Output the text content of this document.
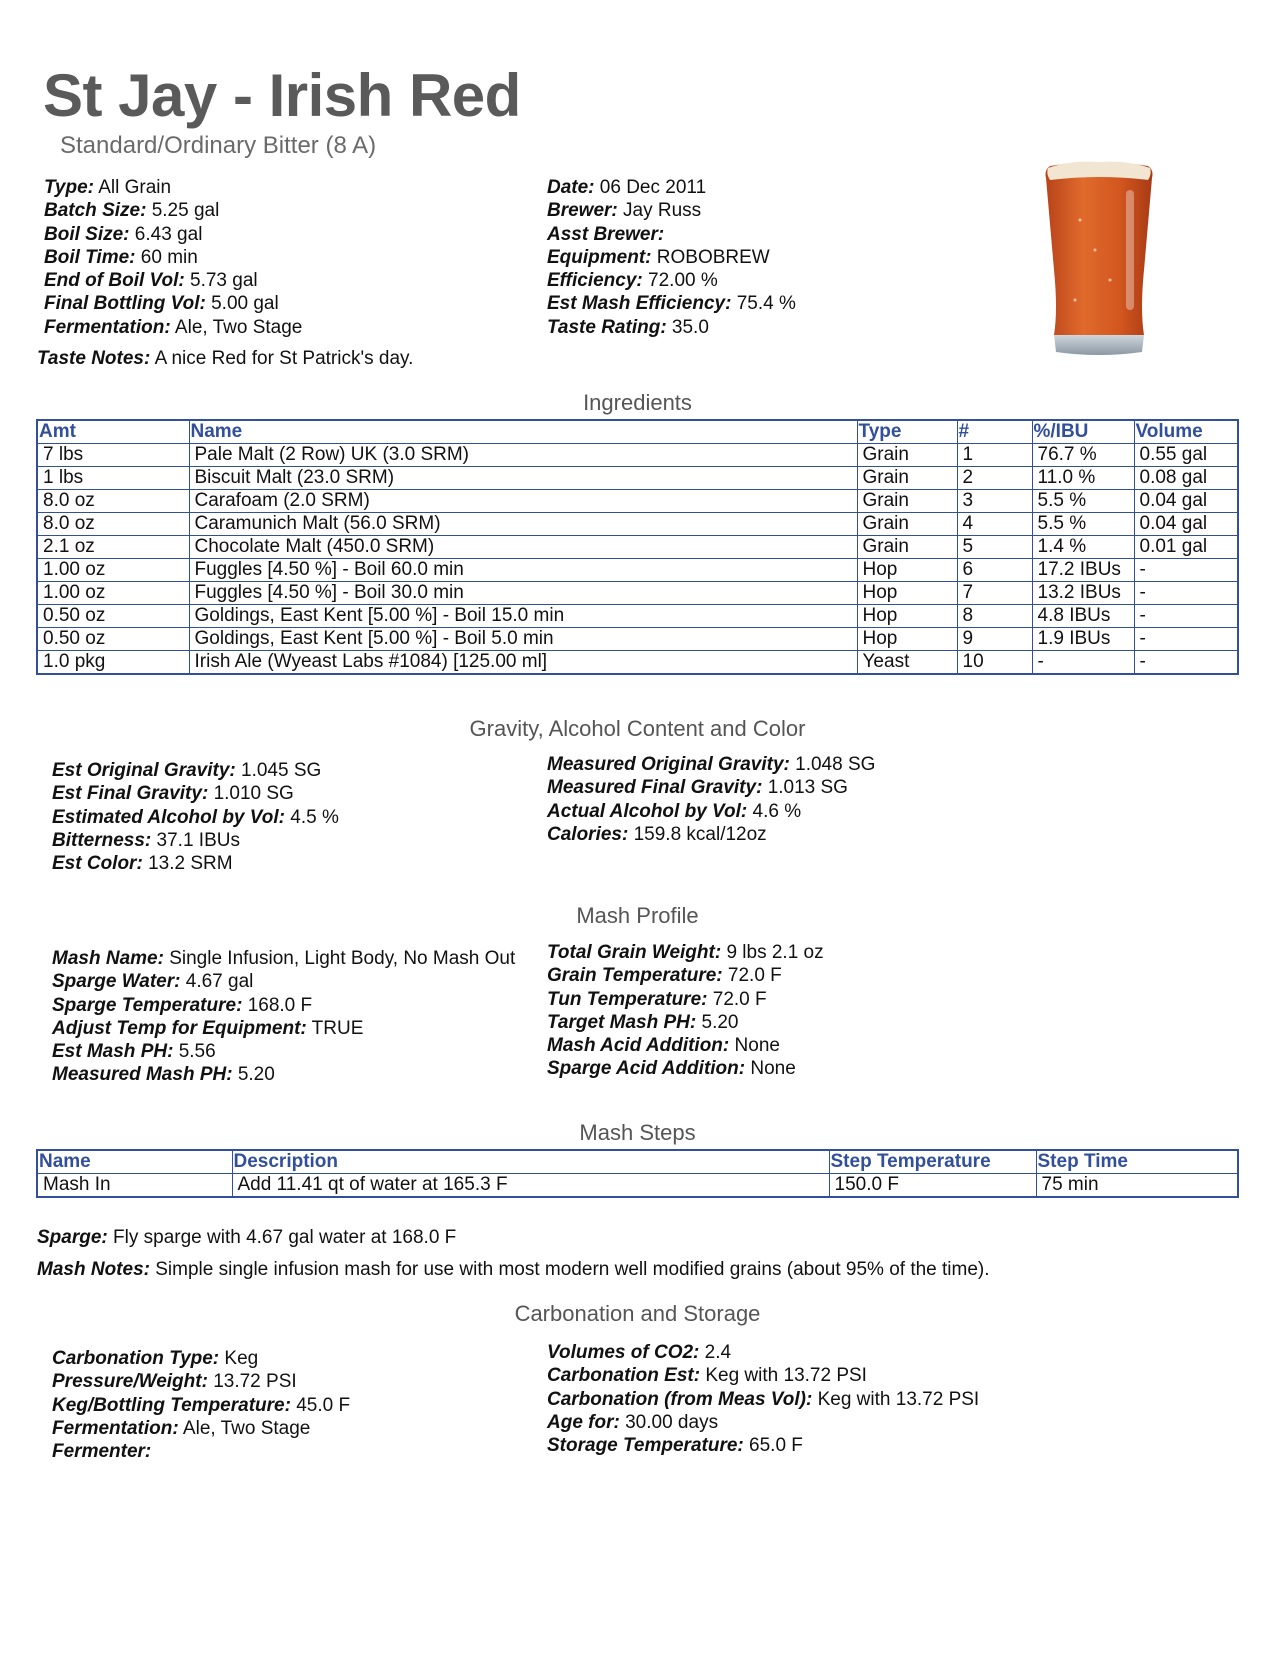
St Jay - Irish Red
Standard/Ordinary Bitter (8 A)
Type: All Grain
Batch Size: 5.25 gal
Boil Size: 6.43 gal
Boil Time: 60 min
End of Boil Vol: 5.73 gal
Final Bottling Vol: 5.00 gal
Fermentation: Ale, Two Stage
Date: 06 Dec 2011
Brewer: Jay Russ
Asst Brewer:
Equipment: ROBOBREW
Efficiency: 72.00 %
Est Mash Efficiency: 75.4 %
Taste Rating: 35.0
Taste Notes: A nice Red for St Patrick's day.
Ingredients
Amt	Name	Type	#	%/IBU	Volume
7 lbs	Pale Malt (2 Row) UK (3.0 SRM)	Grain	1	76.7 %	0.55 gal
1 lbs	Biscuit Malt (23.0 SRM)	Grain	2	11.0 %	0.08 gal
8.0 oz	Carafoam (2.0 SRM)	Grain	3	5.5 %	0.04 gal
8.0 oz	Caramunich Malt (56.0 SRM)	Grain	4	5.5 %	0.04 gal
2.1 oz	Chocolate Malt (450.0 SRM)	Grain	5	1.4 %	0.01 gal
1.00 oz	Fuggles [4.50 %] - Boil 60.0 min	Hop	6	17.2 IBUs	-
1.00 oz	Fuggles [4.50 %] - Boil 30.0 min	Hop	7	13.2 IBUs	-
0.50 oz	Goldings, East Kent [5.00 %] - Boil 15.0 min	Hop	8	4.8 IBUs	-
0.50 oz	Goldings, East Kent [5.00 %] - Boil 5.0 min	Hop	9	1.9 IBUs	-
1.0 pkg	Irish Ale (Wyeast Labs #1084) [125.00 ml]	Yeast	10	-	-
Gravity, Alcohol Content and Color
Est Original Gravity: 1.045 SG
Est Final Gravity: 1.010 SG
Estimated Alcohol by Vol: 4.5 %
Bitterness: 37.1 IBUs
Est Color: 13.2 SRM
Measured Original Gravity: 1.048 SG
Measured Final Gravity: 1.013 SG
Actual Alcohol by Vol: 4.6 %
Calories: 159.8 kcal/12oz
Mash Profile
Mash Name: Single Infusion, Light Body, No Mash Out
Sparge Water: 4.67 gal
Sparge Temperature: 168.0 F
Adjust Temp for Equipment: TRUE
Est Mash PH: 5.56
Measured Mash PH: 5.20
Total Grain Weight: 9 lbs 2.1 oz
Grain Temperature: 72.0 F
Tun Temperature: 72.0 F
Target Mash PH: 5.20
Mash Acid Addition: None
Sparge Acid Addition: None
Mash Steps
Name	Description	Step Temperature	Step Time
Mash In	Add 11.41 qt of water at 165.3 F	150.0 F	75 min
Sparge: Fly sparge with 4.67 gal water at 168.0 F
Mash Notes: Simple single infusion mash for use with most modern well modified grains (about 95% of the time).
Carbonation and Storage
Carbonation Type: Keg
Pressure/Weight: 13.72 PSI
Keg/Bottling Temperature: 45.0 F
Fermentation: Ale, Two Stage
Fermenter:
Volumes of CO2: 2.4
Carbonation Est: Keg with 13.72 PSI
Carbonation (from Meas Vol): Keg with 13.72 PSI
Age for: 30.00 days
Storage Temperature: 65.0 F
